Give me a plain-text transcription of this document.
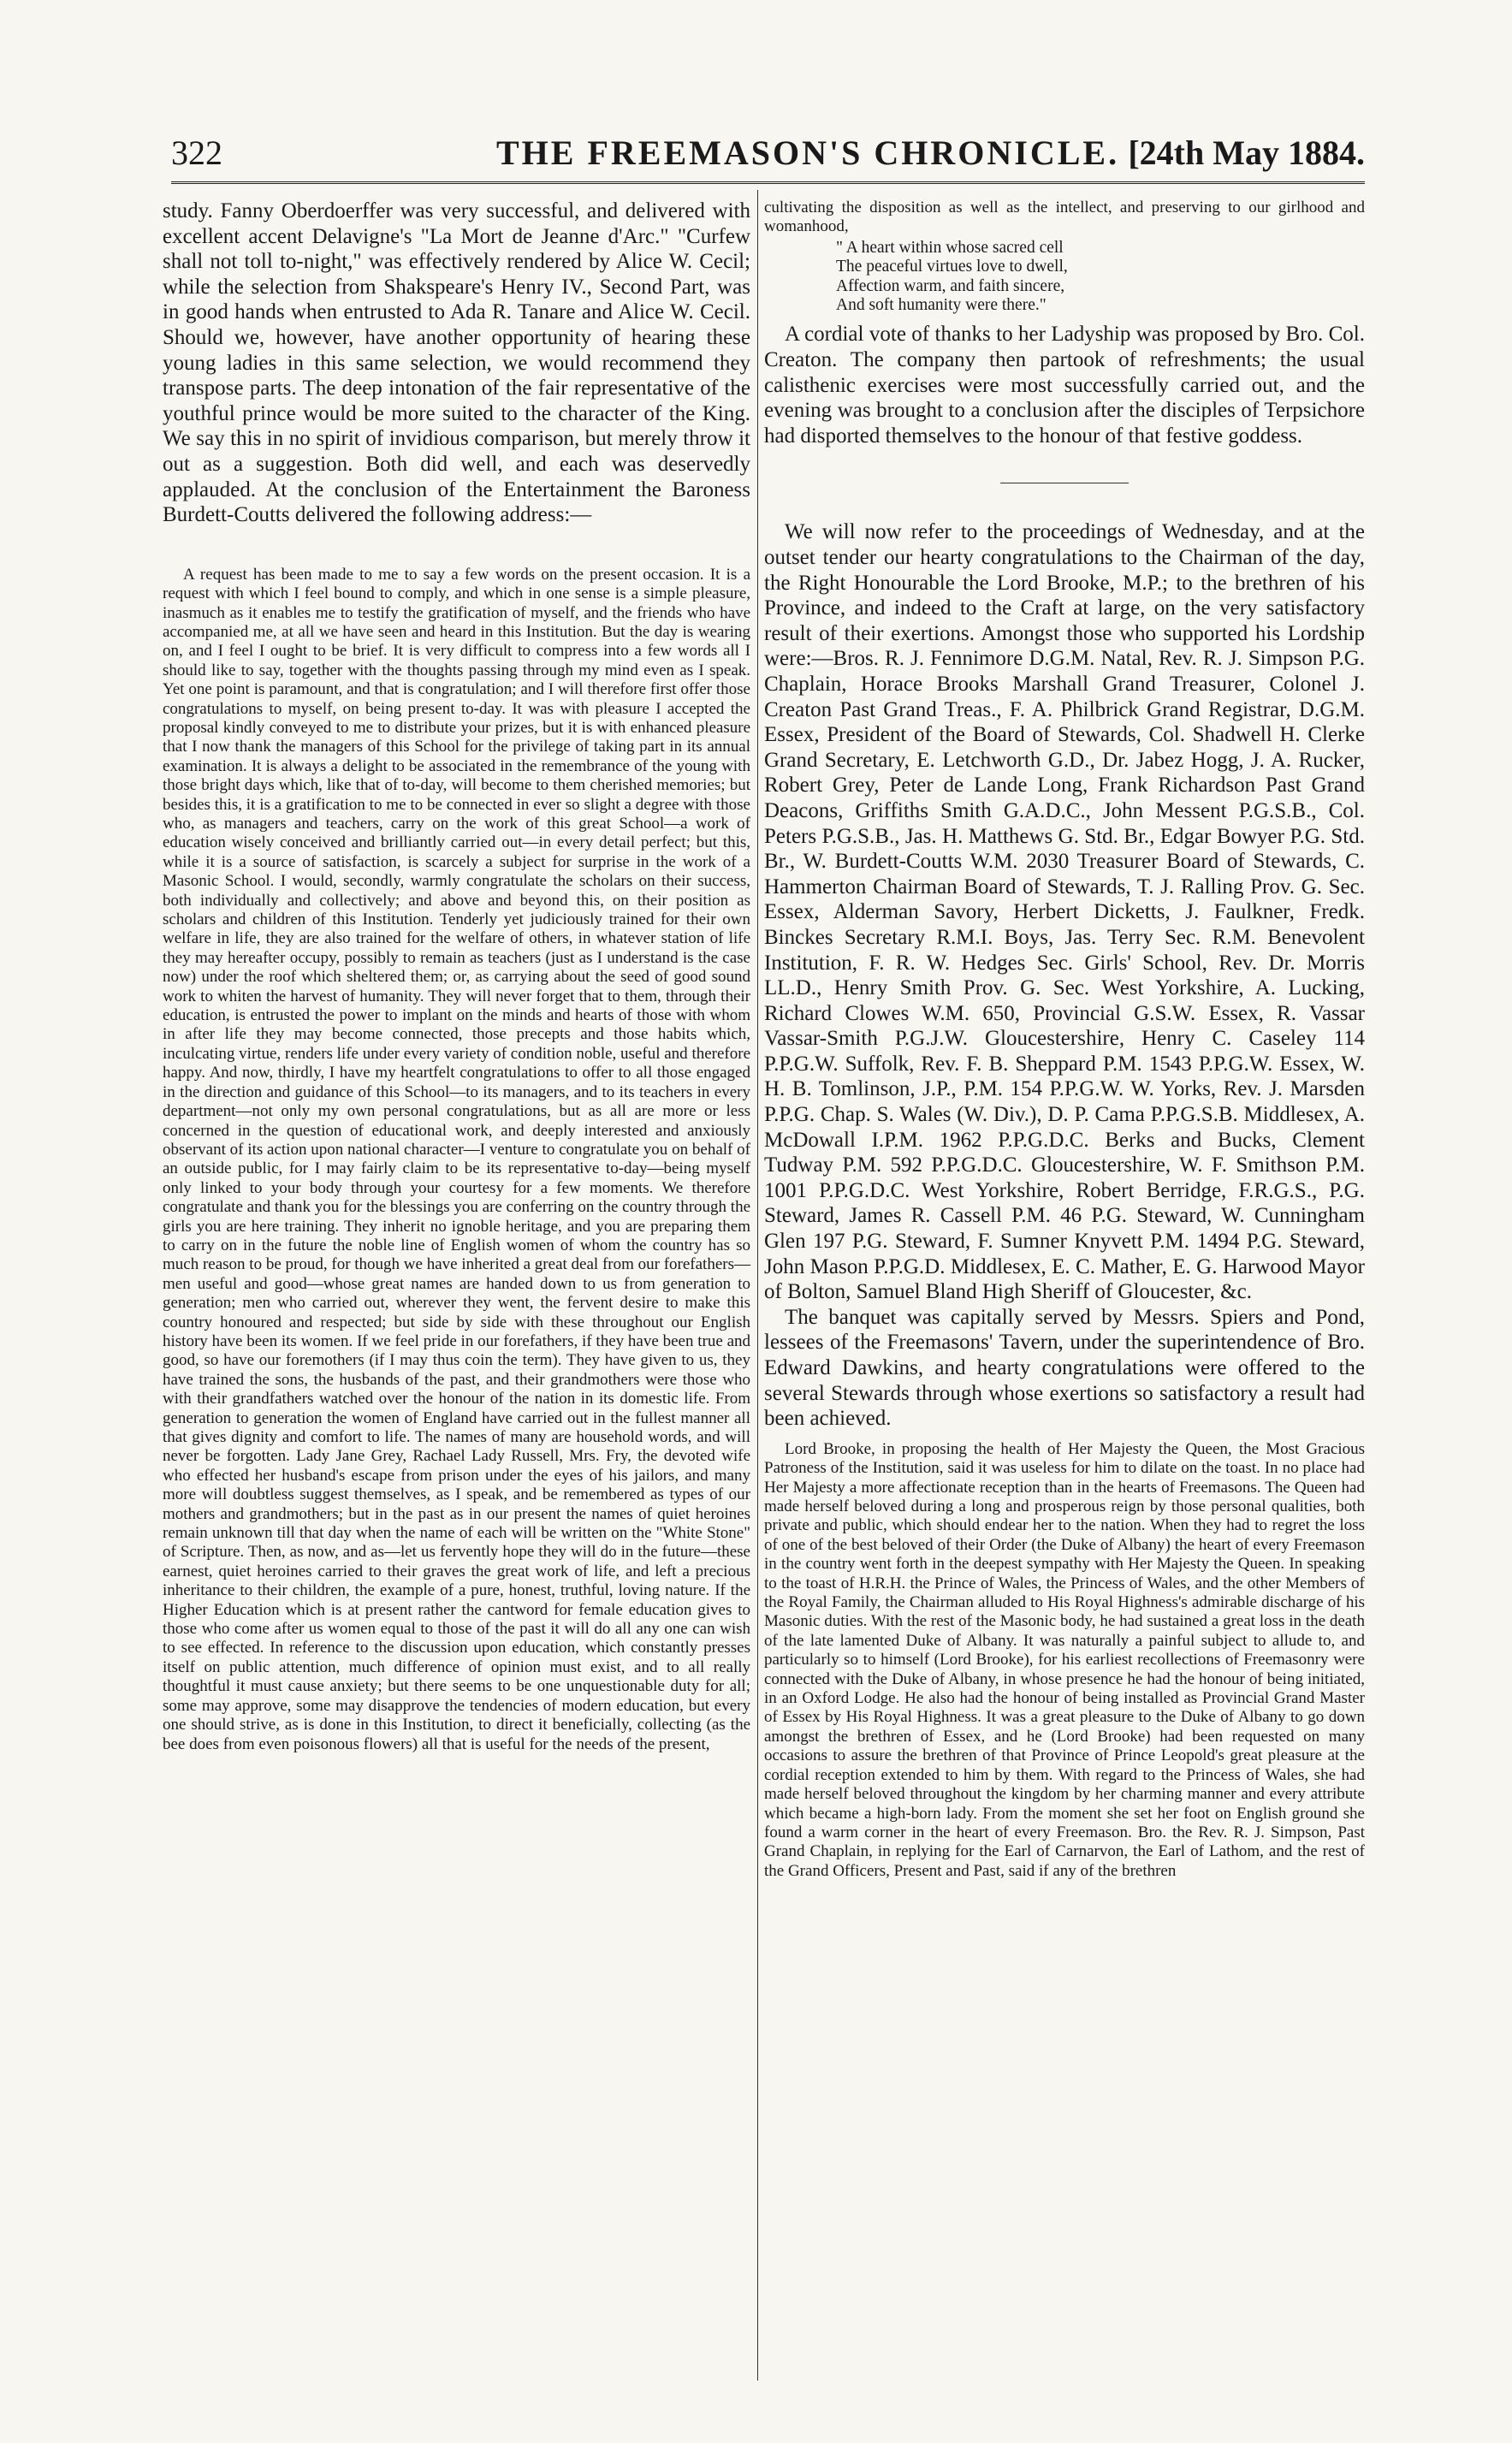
322	THE FREEMASON'S CHRONICLE. [24th May 1884.

study. Fanny Oberdoerffer was very successful, and delivered with excellent accent Delavigne's "La Mort de Jeanne d'Arc." "Curfew shall not toll to-night," was effectively rendered by Alice W. Cecil; while the selection from Shakspeare's Henry IV., Second Part, was in good hands when entrusted to Ada R. Tanare and Alice W. Cecil. Should we, however, have another opportunity of hearing these young ladies in this same selection, we would recommend they transpose parts. The deep intonation of the fair representative of the youthful prince would be more suited to the character of the King. We say this in no spirit of invidious comparison, but merely throw it out as a suggestion. Both did well, and each was deservedly applauded. At the conclusion of the Entertainment the Baroness Burdett-Coutts delivered the following address:—

A request has been made to me to say a few words on the present occasion. It is a request with which I feel bound to comply, and which in one sense is a simple pleasure, inasmuch as it enables me to testify the gratification of myself, and the friends who have accompanied me, at all we have seen and heard in this Institution. But the day is wearing on, and I feel I ought to be brief. It is very difficult to compress into a few words all I should like to say, together with the thoughts passing through my mind even as I speak. Yet one point is paramount, and that is congratulation; and I will therefore first offer those congratulations to myself, on being present to-day. It was with pleasure I accepted the proposal kindly conveyed to me to distribute your prizes, but it is with enhanced pleasure that I now thank the managers of this School for the privilege of taking part in its annual examination. It is always a delight to be associated in the remembrance of the young with those bright days which, like that of to-day, will become to them cherished memories; but besides this, it is a gratification to me to be connected in ever so slight a degree with those who, as managers and teachers, carry on the work of this great School—a work of education wisely conceived and brilliantly carried out—in every detail perfect; but this, while it is a source of satisfaction, is scarcely a subject for surprise in the work of a Masonic School. I would, secondly, warmly congratulate the scholars on their success, both individually and collectively; and above and beyond this, on their position as scholars and children of this Institution. Tenderly yet judiciously trained for their own welfare in life, they are also trained for the welfare of others, in whatever station of life they may hereafter occupy, possibly to remain as teachers (just as I understand is the case now) under the roof which sheltered them; or, as carrying about the seed of good sound work to whiten the harvest of humanity. They will never forget that to them, through their education, is entrusted the power to implant on the minds and hearts of those with whom in after life they may become connected, those precepts and those habits which, inculcating virtue, renders life under every variety of condition noble, useful and therefore happy. And now, thirdly, I have my heartfelt congratulations to offer to all those engaged in the direction and guidance of this School—to its managers, and to its teachers in every department—not only my own personal congratulations, but as all are more or less concerned in the question of educational work, and deeply interested and anxiously observant of its action upon national character—I venture to congratulate you on behalf of an outside public, for I may fairly claim to be its representative to-day—being myself only linked to your body through your courtesy for a few moments. We therefore congratulate and thank you for the blessings you are conferring on the country through the girls you are here training. They inherit no ignoble heritage, and you are preparing them to carry on in the future the noble line of English women of whom the country has so much reason to be proud, for though we have inherited a great deal from our forefathers—men useful and good—whose great names are handed down to us from generation to generation; men who carried out, wherever they went, the fervent desire to make this country honoured and respected; but side by side with these throughout our English history have been its women. If we feel pride in our forefathers, if they have been true and good, so have our foremothers (if I may thus coin the term). They have given to us, they have trained the sons, the husbands of the past, and their grandmothers were those who with their grandfathers watched over the honour of the nation in its domestic life. From generation to generation the women of England have carried out in the fullest manner all that gives dignity and comfort to life. The names of many are household words, and will never be forgotten. Lady Jane Grey, Rachael Lady Russell, Mrs. Fry, the devoted wife who effected her husband's escape from prison under the eyes of his jailors, and many more will doubtless suggest themselves, as I speak, and be remembered as types of our mothers and grandmothers; but in the past as in our present the names of quiet heroines remain unknown till that day when the name of each will be written on the "White Stone" of Scripture. Then, as now, and as—let us fervently hope they will do in the future—these earnest, quiet heroines carried to their graves the great work of life, and left a precious inheritance to their children, the example of a pure, honest, truthful, loving nature. If the Higher Education which is at present rather the cantword for female education gives to those who come after us women equal to those of the past it will do all any one can wish to see effected. In reference to the discussion upon education, which constantly presses itself on public attention, much difference of opinion must exist, and to all really thoughtful it must cause anxiety; but there seems to be one unquestionable duty for all; some may approve, some may disapprove the tendencies of modern education, but every one should strive, as is done in this Institution, to direct it beneficially, collecting (as the bee does from even poisonous flowers) all that is useful for the needs of the present,

cultivating the disposition as well as the intellect, and preserving to our girlhood and womanhood,

" A heart within whose sacred cell
The peaceful virtues love to dwell,
Affection warm, and faith sincere,
And soft humanity were there."

A cordial vote of thanks to her Ladyship was proposed by Bro. Col. Creaton. The company then partook of refreshments; the usual calisthenic exercises were most successfully carried out, and the evening was brought to a conclusion after the disciples of Terpsichore had disported themselves to the honour of that festive goddess.

We will now refer to the proceedings of Wednesday, and at the outset tender our hearty congratulations to the Chairman of the day, the Right Honourable the Lord Brooke, M.P.; to the brethren of his Province, and indeed to the Craft at large, on the very satisfactory result of their exertions. Amongst those who supported his Lordship were:—Bros. R. J. Fennimore D.G.M. Natal, Rev. R. J. Simpson P.G. Chaplain, Horace Brooks Marshall Grand Treasurer, Colonel J. Creaton Past Grand Treas., F. A. Philbrick Grand Registrar, D.G.M. Essex, President of the Board of Stewards, Col. Shadwell H. Clerke Grand Secretary, E. Letchworth G.D., Dr. Jabez Hogg, J. A. Rucker, Robert Grey, Peter de Lande Long, Frank Richardson Past Grand Deacons, Griffiths Smith G.A.D.C., John Messent P.G.S.B., Col. Peters P.G.S.B., Jas. H. Matthews G. Std. Br., Edgar Bowyer P.G. Std. Br., W. Burdett-Coutts W.M. 2030 Treasurer Board of Stewards, C. Hammerton Chairman Board of Stewards, T. J. Ralling Prov. G. Sec. Essex, Alderman Savory, Herbert Dicketts, J. Faulkner, Fredk. Binckes Secretary R.M.I. Boys, Jas. Terry Sec. R.M. Benevolent Institution, F. R. W. Hedges Sec. Girls' School, Rev. Dr. Morris LL.D., Henry Smith Prov. G. Sec. West Yorkshire, A. Lucking, Richard Clowes W.M. 650, Provincial G.S.W. Essex, R. Vassar Vassar-Smith P.G.J.W. Gloucestershire, Henry C. Caseley 114 P.P.G.W. Suffolk, Rev. F. B. Sheppard P.M. 1543 P.P.G.W. Essex, W. H. B. Tomlinson, J.P., P.M. 154 P.P.G.W. W. Yorks, Rev. J. Marsden P.P.G. Chap. S. Wales (W. Div.), D. P. Cama P.P.G.S.B. Middlesex, A. McDowall I.P.M. 1962 P.P.G.D.C. Berks and Bucks, Clement Tudway P.M. 592 P.P.G.D.C. Gloucestershire, W. F. Smithson P.M. 1001 P.P.G.D.C. West Yorkshire, Robert Berridge, F.R.G.S., P.G. Steward, James R. Cassell P.M. 46 P.G. Steward, W. Cunningham Glen 197 P.G. Steward, F. Sumner Knyvett P.M. 1494 P.G. Steward, John Mason P.P.G.D. Middlesex, E. C. Mather, E. G. Harwood Mayor of Bolton, Samuel Bland High Sheriff of Gloucester, &c.

The banquet was capitally served by Messrs. Spiers and Pond, lessees of the Freemasons' Tavern, under the superintendence of Bro. Edward Dawkins, and hearty congratulations were offered to the several Stewards through whose exertions so satisfactory a result had been achieved.

Lord Brooke, in proposing the health of Her Majesty the Queen, the Most Gracious Patroness of the Institution, said it was useless for him to dilate on the toast. In no place had Her Majesty a more affectionate reception than in the hearts of Freemasons. The Queen had made herself beloved during a long and prosperous reign by those personal qualities, both private and public, which should endear her to the nation. When they had to regret the loss of one of the best beloved of their Order (the Duke of Albany) the heart of every Freemason in the country went forth in the deepest sympathy with Her Majesty the Queen. In speaking to the toast of H.R.H. the Prince of Wales, the Princess of Wales, and the other Members of the Royal Family, the Chairman alluded to His Royal Highness's admirable discharge of his Masonic duties. With the rest of the Masonic body, he had sustained a great loss in the death of the late lamented Duke of Albany. It was naturally a painful subject to allude to, and particularly so to himself (Lord Brooke), for his earliest recollections of Freemasonry were connected with the Duke of Albany, in whose presence he had the honour of being initiated, in an Oxford Lodge. He also had the honour of being installed as Provincial Grand Master of Essex by His Royal Highness. It was a great pleasure to the Duke of Albany to go down amongst the brethren of Essex, and he (Lord Brooke) had been requested on many occasions to assure the brethren of that Province of Prince Leopold's great pleasure at the cordial reception extended to him by them. With regard to the Princess of Wales, she had made herself beloved throughout the kingdom by her charming manner and every attribute which became a high-born lady. From the moment she set her foot on English ground she found a warm corner in the heart of every Freemason. Bro. the Rev. R. J. Simpson, Past Grand Chaplain, in replying for the Earl of Carnarvon, the Earl of Lathom, and the rest of the Grand Officers, Present and Past, said if any of the brethren
